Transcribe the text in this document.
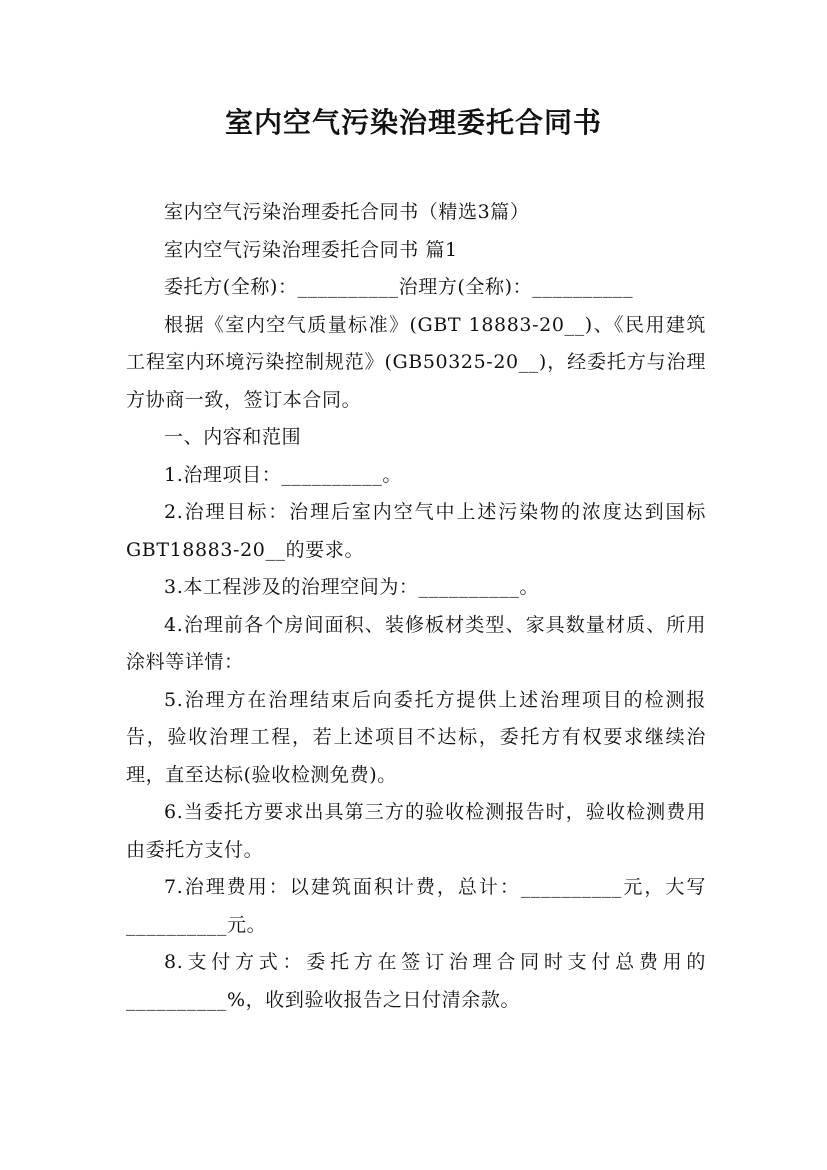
室内空气污染治理委托合同书

室内空气污染治理委托合同书（精选3篇）

室内空气污染治理委托合同书 篇1

委托方(全称)：__________治理方(全称)：__________

根据《室内空气质量标准》(GBT 18883-20__)、《民用建筑工程室内环境污染控制规范》(GB50325-20__)，经委托方与治理方协商一致，签订本合同。

一、内容和范围

1.治理项目：__________。

2.治理目标：治理后室内空气中上述污染物的浓度达到国标GBT18883-20__的要求。

3.本工程涉及的治理空间为：__________。

4.治理前各个房间面积、装修板材类型、家具数量材质、所用涂料等详情：

5.治理方在治理结束后向委托方提供上述治理项目的检测报告，验收治理工程，若上述项目不达标，委托方有权要求继续治理，直至达标(验收检测免费)。

6.当委托方要求出具第三方的验收检测报告时，验收检测费用由委托方支付。

7.治理费用：以建筑面积计费，总计：__________元，大写__________元。

8.支付方式：委托方在签订治理合同时支付总费用的__________%，收到验收报告之日付清余款。
